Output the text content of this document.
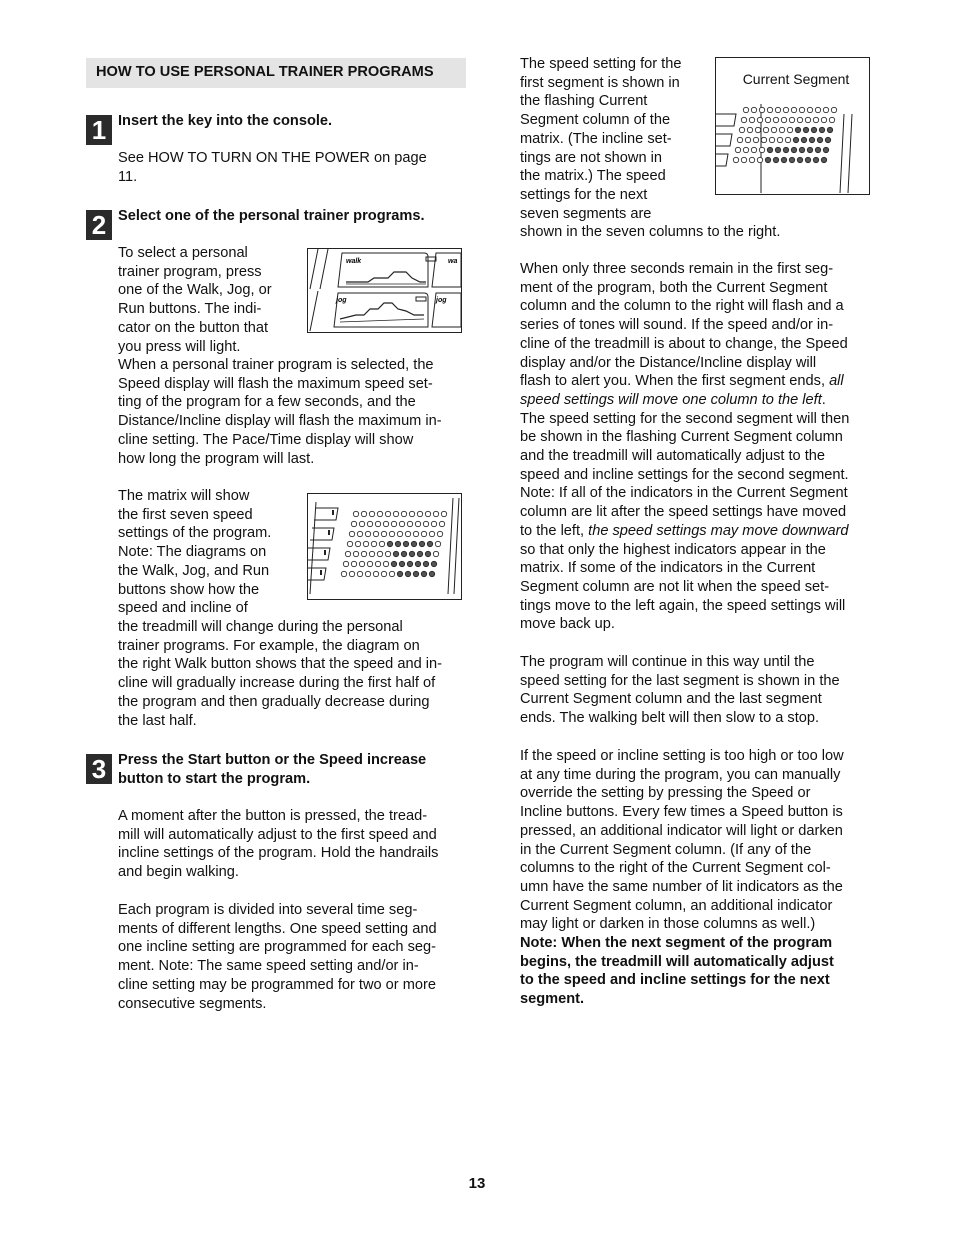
HOW TO USE PERSONAL TRAINER PROGRAMS
1 Insert the key into the console.

See HOW TO TURN ON THE POWER on page
11.

2 Select one of the personal trainer programs.

To select a personal
trainer program, press
one of the Walk, Jog, or
Run buttons. The indi-
cator on the button that
you press will light.

walk	wa
jog	jog

When a personal trainer program is selected, the
Speed display will flash the maximum speed set-
ting of the program for a few seconds, and the
Distance/Incline display will flash the maximum in-
cline setting. The Pace/Time display will show
how long the program will last.

The matrix will show
the first seven speed
settings of the program.
Note: The diagrams on
the Walk, Jog, and Run
buttons show how the
speed and incline of

the treadmill will change during the personal
trainer programs. For example, the diagram on
the right Walk button shows that the speed and in-
cline will gradually increase during the first half of
the program and then gradually decrease during
the last half.

3 Press the Start button or the Speed increase
button to start the program.

A moment after the button is pressed, the tread-
mill will automatically adjust to the first speed and
incline settings of the program. Hold the handrails
and begin walking.

Each program is divided into several time seg-
ments of different lengths. One speed setting and
one incline setting are programmed for each seg-
ment. Note: The same speed setting and/or in-
cline setting may be programmed for two or more
consecutive segments.

The speed setting for the
first segment is shown in
the flashing Current
Segment column of the
matrix. (The incline set-
tings are not shown in
the matrix.) The speed
settings for the next
seven segments are

Current Segment

shown in the seven columns to the right.

When only three seconds remain in the first seg-
ment of the program, both the Current Segment
column and the column to the right will flash and a
series of tones will sound. If the speed and/or in-
cline of the treadmill is about to change, the Speed
display and/or the Distance/Incline display will
flash to alert you. When the first segment ends, all
speed settings will move one column to the left.
The speed setting for the second segment will then
be shown in the flashing Current Segment column
and the treadmill will automatically adjust to the
speed and incline settings for the second segment.
Note: If all of the indicators in the Current Segment
column are lit after the speed settings have moved
to the left, the speed settings may move downward
so that only the highest indicators appear in the
matrix. If some of the indicators in the Current
Segment column are not lit when the speed set-
tings move to the left again, the speed settings will
move back up.

The program will continue in this way until the
speed setting for the last segment is shown in the
Current Segment column and the last segment
ends. The walking belt will then slow to a stop.

If the speed or incline setting is too high or too low
at any time during the program, you can manually
override the setting by pressing the Speed or
Incline buttons. Every few times a Speed button is
pressed, an additional indicator will light or darken
in the Current Segment column. (If any of the
columns to the right of the Current Segment col-
umn have the same number of lit indicators as the
Current Segment column, an additional indicator
may light or darken in those columns as well.)

Note: When the next segment of the program
begins, the treadmill will automatically adjust
to the speed and incline settings for the next
segment.

13
